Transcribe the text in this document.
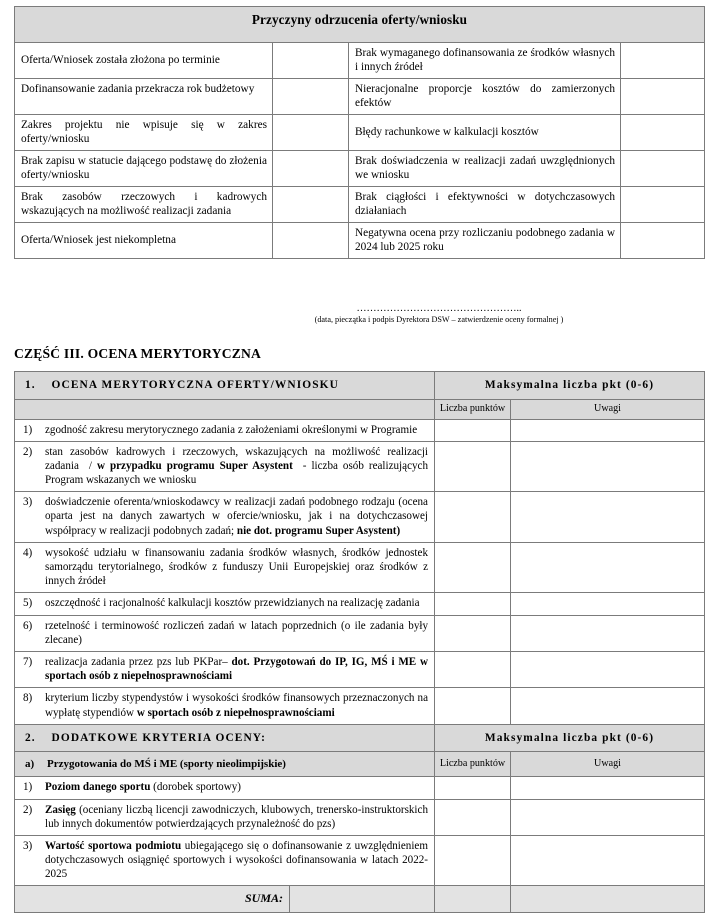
Przyczyny odrzucenia oferty/wniosku			
Oferta/Wniosek została złożona po terminie		Brak wymaganego dofinansowania ze środków własnych i innych źródeł	
Dofinansowanie zadania przekracza rok budżetowy		Nieracjonalne proporcje kosztów do zamierzonych efektów	
Zakres projektu nie wpisuje się w zakres oferty/wniosku		Błędy rachunkowe w kalkulacji kosztów	
Brak zapisu w statucie dającego podstawę do złożenia oferty/wniosku		Brak doświadczenia w realizacji zadań uwzględnionych we wniosku	
Brak zasobów rzeczowych i kadrowych wskazujących na możliwość realizacji zadania		Brak ciągłości i efektywności w dotychczasowych działaniach	
Oferta/Wniosek jest niekompletna		Negatywna ocena przy rozliczaniu podobnego zadania w 2024 lub 2025 roku	
…………………………………………..
(data, pieczątka i podpis Dyrektora DSW – zatwierdzenie oceny formalnej )
CZĘŚĆ III. OCENA MERYTORYCZNA
1. OCENA MERYTORYCZNA OFERTY/WNIOSKU	Maksymalna liczba pkt (0-6)	
	Liczba punktów	Uwagi

1) zgodność zakresu merytorycznego zadania z założeniami określonymi w Programie		

2) stan zasobów kadrowych i rzeczowych, wskazujących na możliwość realizacji zadania  / w przypadku programu Super Asystent  - liczba osób realizujących Program wskazanych we wniosku		

3) doświadczenie oferenta/wnioskodawcy w realizacji zadań podobnego rodzaju (ocena oparta jest na danych zawartych w ofercie/wniosku, jak i na dotychczasowej współpracy w realizacji podobnych zadań; nie dot. programu Super Asystent)		

4) wysokość udziału w finansowaniu zadania środków własnych, środków jednostek samorządu terytorialnego, środków z funduszy Unii Europejskiej oraz środków z innych źródeł		

5) oszczędność i racjonalność kalkulacji kosztów przewidzianych na realizację zadania		

6) rzetelność i terminowość rozliczeń zadań w latach poprzednich (o ile zadania były zlecane)		

7) realizacja zadania przez pzs lub PKPar– dot. Przygotowań do IP, IG, MŚ i ME w sportach osób z niepełnosprawnościami		

8) kryterium liczby stypendystów i wysokości środków finansowych przeznaczonych na wypłatę stypendiów w sportach osób z niepełnosprawnościami		

2. DODATKOWE KRYTERIA OCENY:	Maksymalna liczba pkt (0-6)	
a) Przygotowania do MŚ i ME (sporty nieolimpijskie)	Liczba punktów	Uwagi

1) Poziom danego sportu (dorobek sportowy)		

2) Zasięg (oceniany liczbą licencji zawodniczych, klubowych, trenersko-instruktorskich lub innych dokumentów potwierdzających przynależność do pzs)		

3) Wartość sportowa podmiotu ubiegającego się o dofinansowanie z uwzględnieniem dotychczasowych osiągnięć sportowych i wysokości dofinansowania w latach 2022-2025		

SUMA:		
